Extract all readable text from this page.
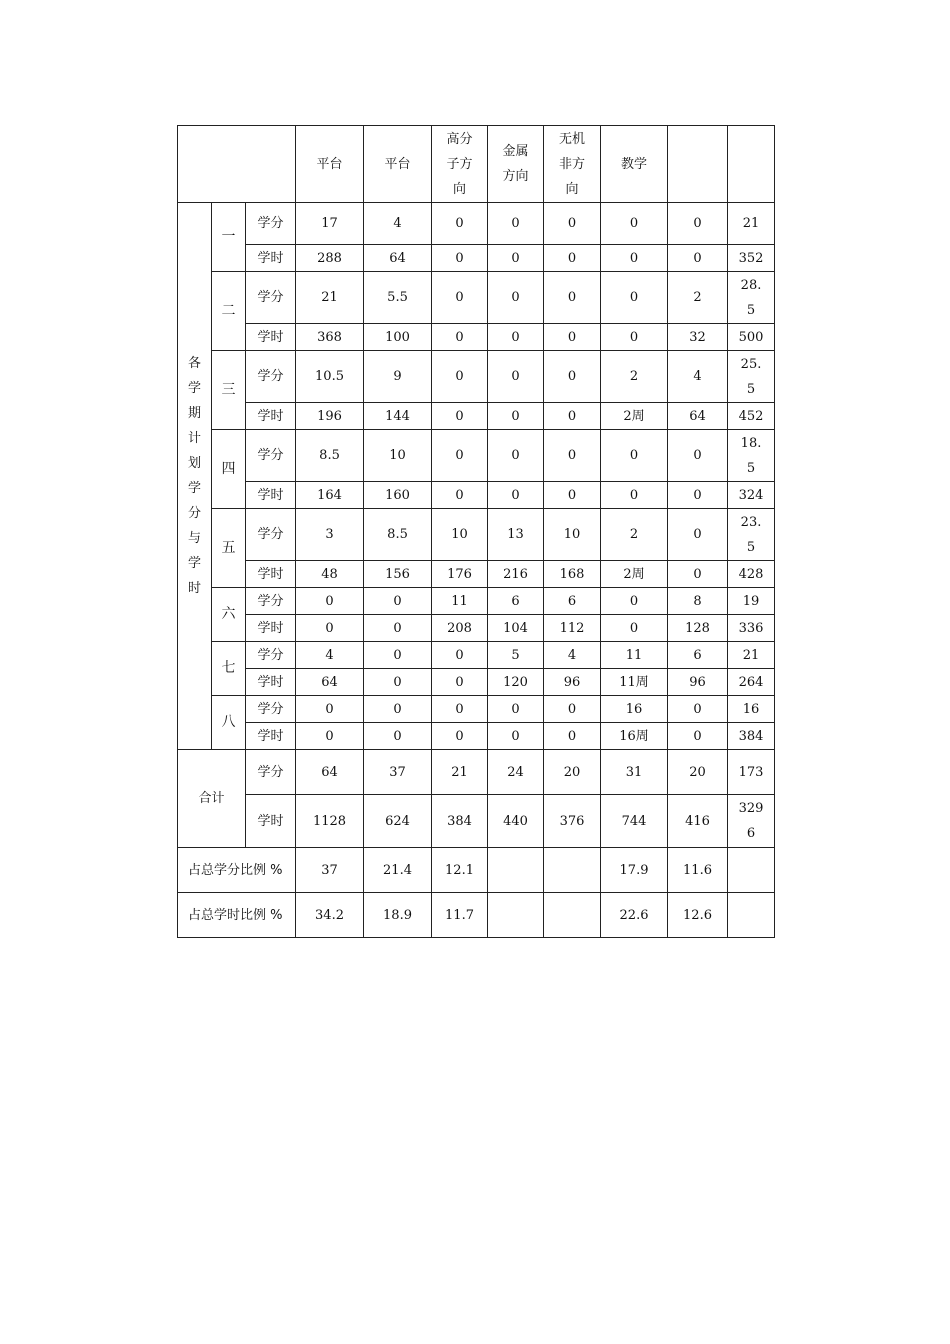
			平台	平台	高分子方向	金属方向	无机非方向	教学		
各学期计划学分与学时	一	学分	17	4	0	0	0	0	0	21
		学时	288	64	0	0	0	0	0	352
	二	学分	21	5.5	0	0	0	0	2	28.5
		学时	368	100	0	0	0	0	32	500
	三	学分	10.5	9	0	0	0	2	4	25.5
		学时	196	144	0	0	0	2周	64	452
	四	学分	8.5	10	0	0	0	0	0	18.5
		学时	164	160	0	0	0	0	0	324
	五	学分	3	8.5	10	13	10	2	0	23.5
		学时	48	156	176	216	168	2周	0	428
	六	学分	0	0	11	6	6	0	8	19
		学时	0	0	208	104	112	0	128	336
	七	学分	4	0	0	5	4	11	6	21
		学时	64	0	0	120	96	11周	96	264
	八	学分	0	0	0	0	0	16	0	16
		学时	0	0	0	0	0	16周	0	384
合计		学分	64	37	21	24	20	31	20	173
		学时	1128	624	384	440	376	744	416	3296
占总学分比例 %			37	21.4	12.1			17.9	11.6	
占总学时比例 %			34.2	18.9	11.7			22.6	12.6	
